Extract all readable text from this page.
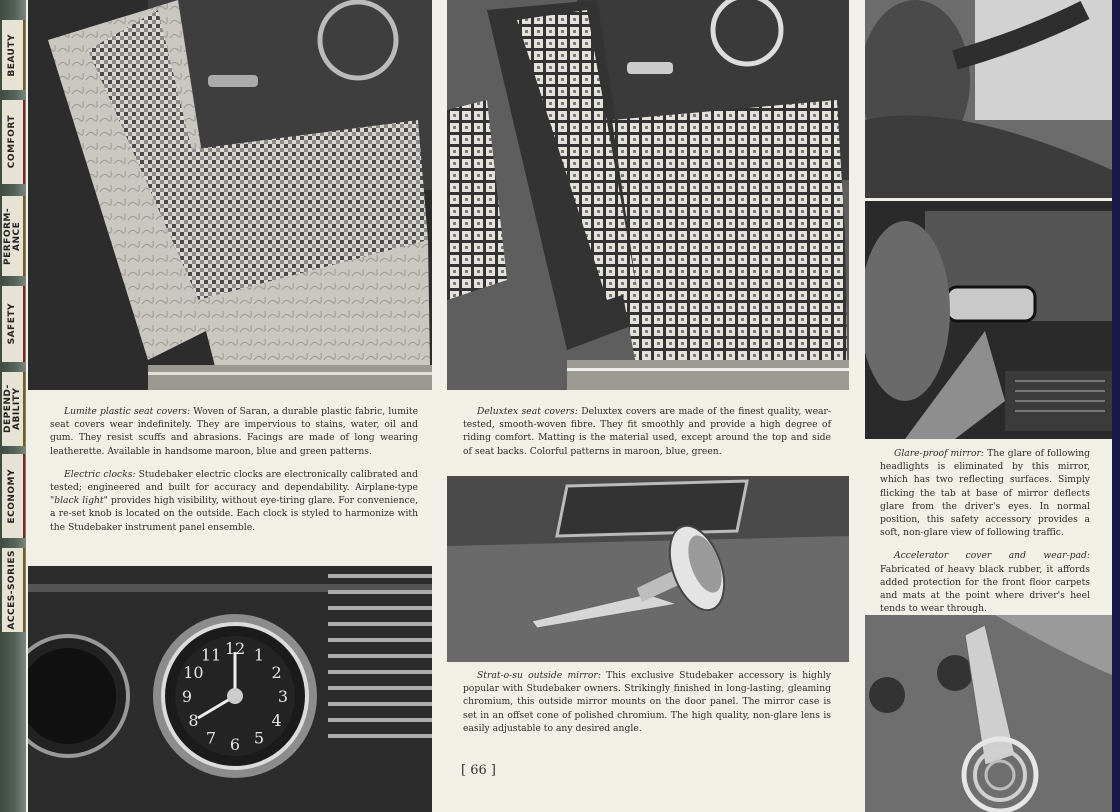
BEAUTY
COMFORT
PERFORM-ANCE
SAFETY
DEPEND-ABILITY
ECONOMY
ACCES-SORIES
12 1
2
3
4
5
6
7
8
9
10
11

Lumite plastic seat covers: Woven of Saran, a durable plastic fabric, lumite seat covers wear indefinitely. They are impervious to stains, water, oil and gum. They resist scuffs and abrasions. Facings are made of long wearing leatherette. Available in handsome maroon, blue and green patterns.

Electric clocks: Studebaker electric clocks are electronically calibrated and tested; engineered and built for accuracy and dependability. Airplane-type "black light" provides high visibility, without eye-tiring glare. For convenience, a re-set knob is located on the outside. Each clock is styled to harmonize with the Studebaker instrument panel ensemble.

Deluxtex seat covers: Deluxtex covers are made of the finest quality, wear-tested, smooth-woven fibre. They fit smoothly and provide a high degree of riding comfort. Matting is the material used, except around the top and side of seat backs. Colorful patterns in maroon, blue, green.

Strat-o-su outside mirror: This exclusive Studebaker accessory is highly popular with Studebaker owners. Strikingly finished in long-lasting, gleaming chromium, this outside mirror mounts on the door panel. The mirror case is set in an offset cone of polished chromium. The high quality, non-glare lens is easily adjustable to any desired angle.

Glare-proof mirror: The glare of following headlights is eliminated by this mirror, which has two reflecting surfaces. Simply flicking the tab at base of mirror deflects glare from the driver's eyes. In normal position, this safety accessory provides a soft, non-glare view of following traffic.

Accelerator cover and wear-pad: Fabricated of heavy black rubber, it affords added protection for the front floor carpets and mats at the point where driver's heel tends to wear through.

[ 66 ]
